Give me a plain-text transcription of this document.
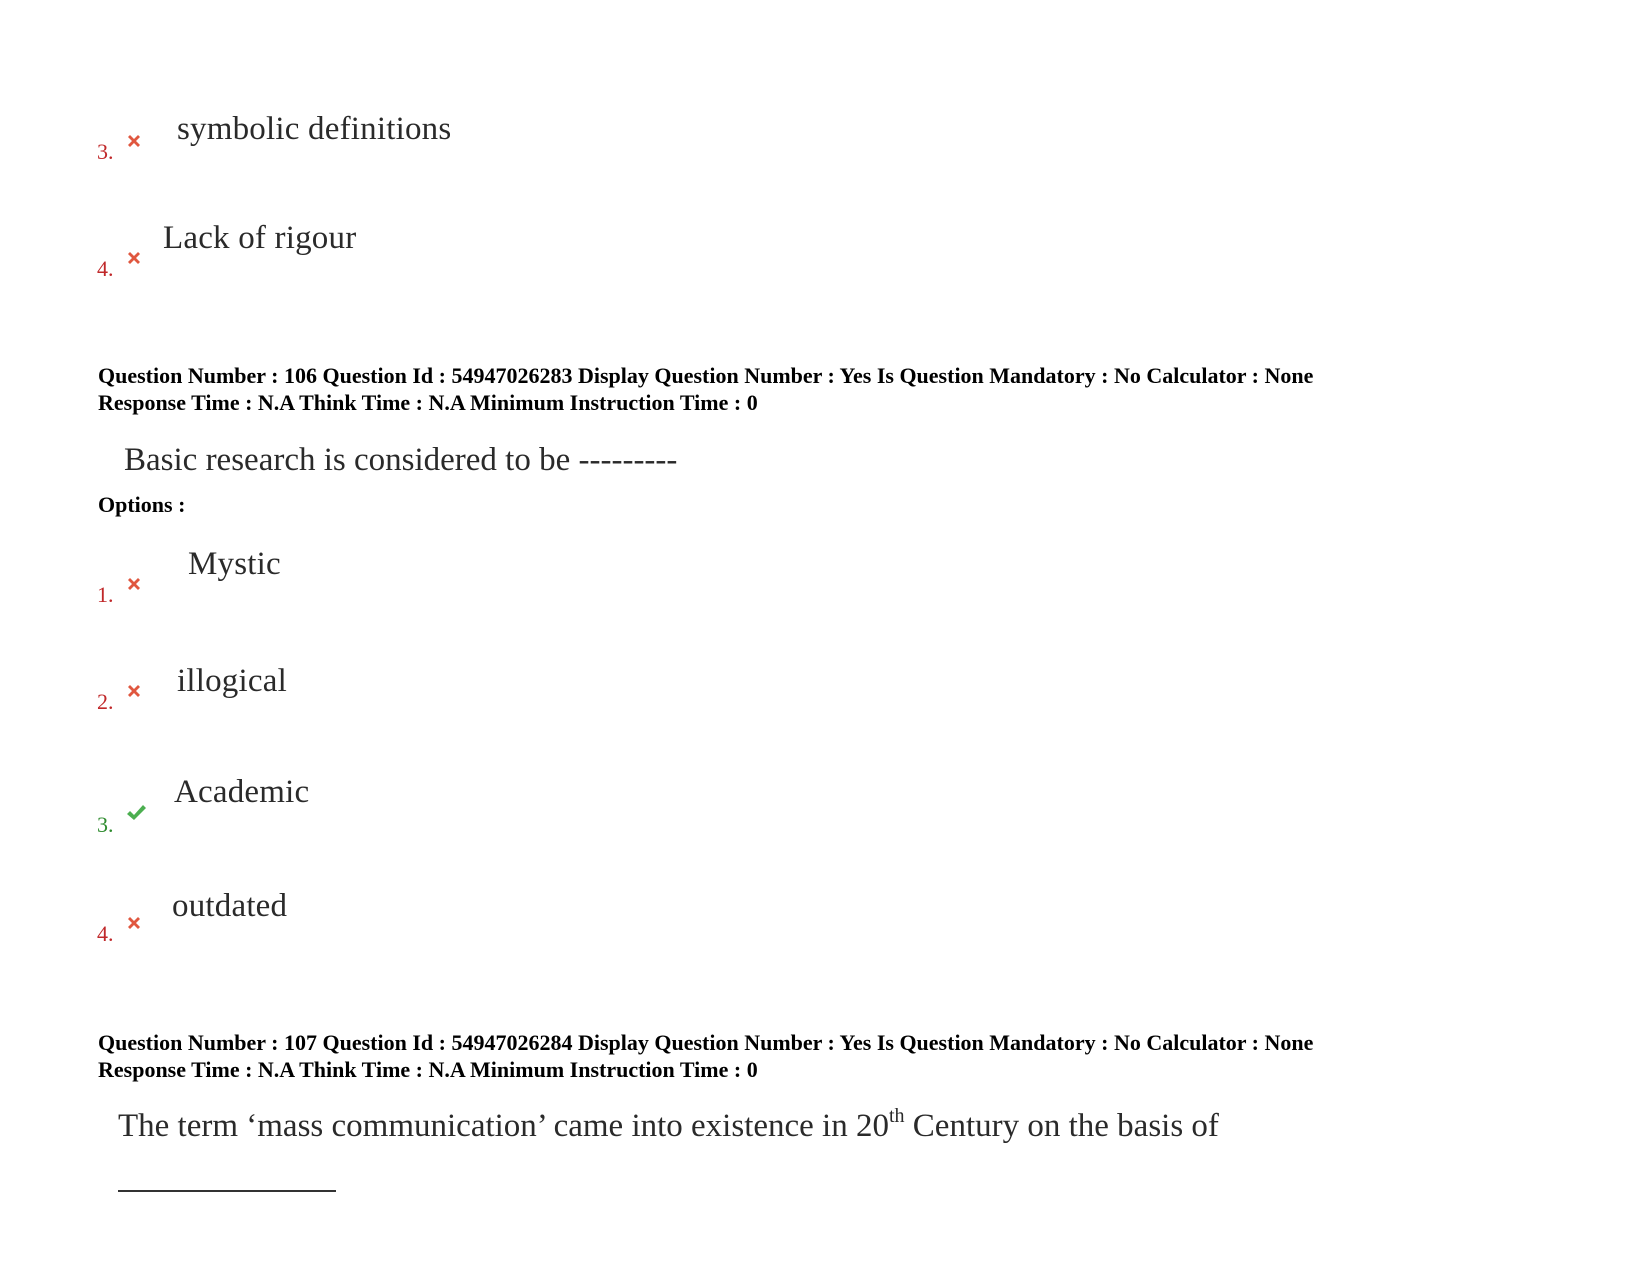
3.
symbolic definitions
4.
Lack of rigour
Question Number : 106 Question Id : 54947026283 Display Question Number : Yes Is Question Mandatory : No Calculator : None
Response Time : N.A Think Time : N.A Minimum Instruction Time : 0
Basic research is considered to be ---------
Options :
1.
Mystic
2.
illogical
3.
Academic
4.
outdated
Question Number : 107 Question Id : 54947026284 Display Question Number : Yes Is Question Mandatory : No Calculator : None
Response Time : N.A Think Time : N.A Minimum Instruction Time : 0
The term ‘mass communication’ came into existence in 20th Century on the basis of
